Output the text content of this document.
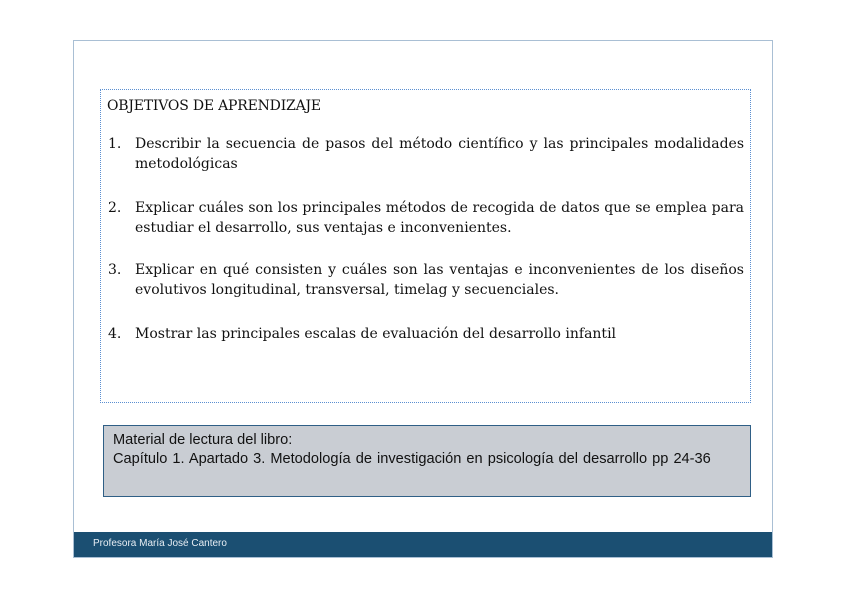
OBJETIVOS DE APRENDIZAJE
1. Describir la secuencia de pasos del método científico y las principales modalidades metodológicas
2. Explicar cuáles son los principales métodos de recogida de datos que se emplea para estudiar el desarrollo, sus ventajas e inconvenientes.
3. Explicar en qué consisten y cuáles son las ventajas e inconvenientes de los diseños evolutivos longitudinal, transversal, timelag y secuenciales.
4. Mostrar las principales escalas de evaluación del desarrollo infantil
Material de lectura del libro:
Capítulo 1. Apartado 3. Metodología de investigación en psicología del desarrollo pp 24-36
Profesora María José Cantero
